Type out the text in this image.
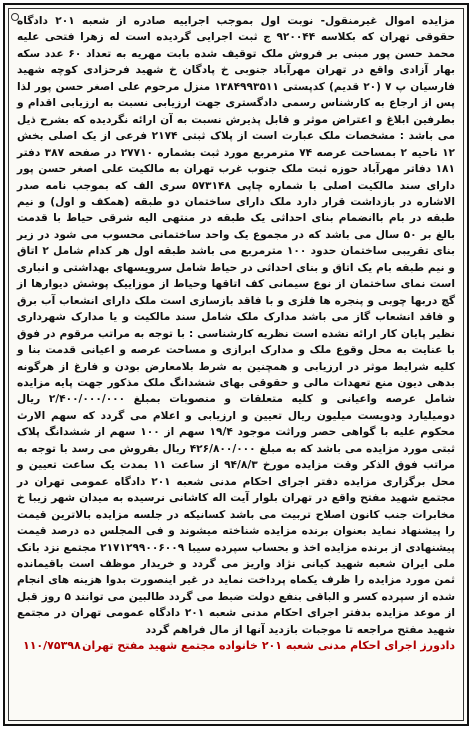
مزایده اموال غیرمنقول- نوبت اول بموجب اجراییه صادره از شعبه ۲۰۱ دادگاه حقوقی تهران که بکلاسه ۹۲۰۰۴۴ ج ثبت اجرایی گردیده است له زهرا فتحی علیه محمد حسن پور مبنی بر فروش ملک توقیف شده بابت مهریه به تعداد ۶۰ عدد سکه بهار آزادی واقع در تهران مهرآباد جنوبی خ پادگان خ شهید فرحزادی کوچه شهید فارسیان پ ۷ (۲۰ قدیم) کدپستی ۱۳۸۴۹۹۳۵۱۱ منزل مرحوم علی اصغر حسن پور لذا پس از ارجاع به کارشناس رسمی دادگستری جهت ارزیابی نسبت به ارزیابی اقدام و بطرفین ابلاغ و اعتراض موثر و قابل پذیرش نسبت به آن ارائه نگردیده که بشرح ذیل می باشد : مشخصات ملک عبارت است از پلاک ثبتی ۲۱۷۴ فرعی از یک اصلی بخش ۱۲ ناحیه ۲ بمساحت عرصه ۷۴ مترمربع مورد ثبت بشماره ۲۷۷۱۰ در صفحه ۳۸۷ دفتر ۱۸۱ دفاتر مهرآباد حوزه ثبت ملک جنوب غرب تهران به مالکیت علی اصغر حسن پور دارای سند مالکیت اصلی با شماره چاپی ۵۷۳۱۴۸ سری الف که بموجب نامه صدر الاشاره در بازداشت قرار دارد ملک دارای ساختمان دو طبقه (همکف و اول) و نیم طبقه در بام باانضمام بنای احداثی یک طبقه در منتهی الیه شرقی حیاط با قدمت بالغ بر ۵۰ سال می باشد که در مجموع یک واحد ساختمانی محسوب می شود در زیر بنای تقریبی ساختمان حدود ۱۰۰ مترمربع می باشد طبقه اول هر کدام شامل ۲ اتاق و نیم طبقه بام یک اتاق و بنای احداثی در حیاط شامل سرویسهای بهداشتی و انباری است نمای ساختمان از نوع سیمانی کف اتاقها وحیاط از موزاییک پوشش دیوارها از گچ دربها چوبی و پنجره ها فلزی و با فاقد بازسازی است ملک دارای انشعاب آب برق و فاقد انشعاب گاز می باشد مدارک ملک شامل سند مالکیت و یا مدارک شهرداری نظیر پایان کار ارائه نشده است نظریه کارشناسی : با توجه به مراتب مرقوم در فوق با عنایت به محل وقوع ملک و مدارک ابرازی و مساحت عرصه و اعیانی قدمت بنا و کلیه شرایط موثر در ارزیابی و همچنین به شرط بلامعارض بودن و فارغ از هرگونه بدهی دیون منع تعهدات مالی و حقوقی بهای ششدانگ ملک مذکور جهت پایه مزایده شامل عرصه واعیانی و کلیه متعلقات و منصوبات بمبلغ ۲/۴۰۰/۰۰۰/۰۰۰ ریال دومیلیارد ودویست میلیون ریال تعیین و ارزیابی و اعلام می گردد که سهم الارث محکوم علیه با گواهی حصر وراثت موجود ۱۹/۴ سهم از ۱۰۰ سهم از ششدانگ پلاک ثبتی مورد مزایده می باشد که به مبلغ ۴۲۶/۸۰۰/۰۰۰ ریال بفروش می رسد با توجه به مراتب فوق الذکر وقت مزایده مورخ ۹۴/۸/۳ از ساعت ۱۱ بمدت یک ساعت تعیین و محل برگزاری مزایده دفتر اجرای احکام مدنی شعبه ۲۰۱ دادگاه عمومی تهران در مجتمع شهید مفتح واقع در تهران بلوار آیت اله کاشانی نرسیده به میدان شهر زیبا خ مخابرات جنب کانون اصلاح تربیت می باشد کسانیکه در جلسه مزایده بالاترین قیمت را پیشنهاد نماید بعنوان برنده مزایده شناخته میشوند و فی المجلس ده درصد قیمت پیشنهادی از برنده مزایده اخذ و بحساب سپرده سیبا ۲۱۷۱۲۹۹۰۰۶۰۰۹ مجتمع نزد بانک ملی ایران شعبه شهید کیانی نژاد واریز می گردد و خریدار موظف است باقیمانده ثمن مورد مزایده را ظرف یکماه پرداخت نماید در غیر اینصورت بدوا هزینه های انجام شده از سپرده کسر و الباقی بنفع دولت ضبط می گردد طالبین می توانند ۵ روز قبل از موعد مزایده بدفتر اجرای احکام مدنی شعبه ۲۰۱ دادگاه عمومی تهران در مجتمع شهید مفتح مراجعه تا موجبات بازدید آنها از مال فراهم گردد

دادورز اجرای احکام مدنی شعبه ۲۰۱ خانواده مجتمع شهید مفتح تهران
۱۱۰/۷۵۳۹۸
